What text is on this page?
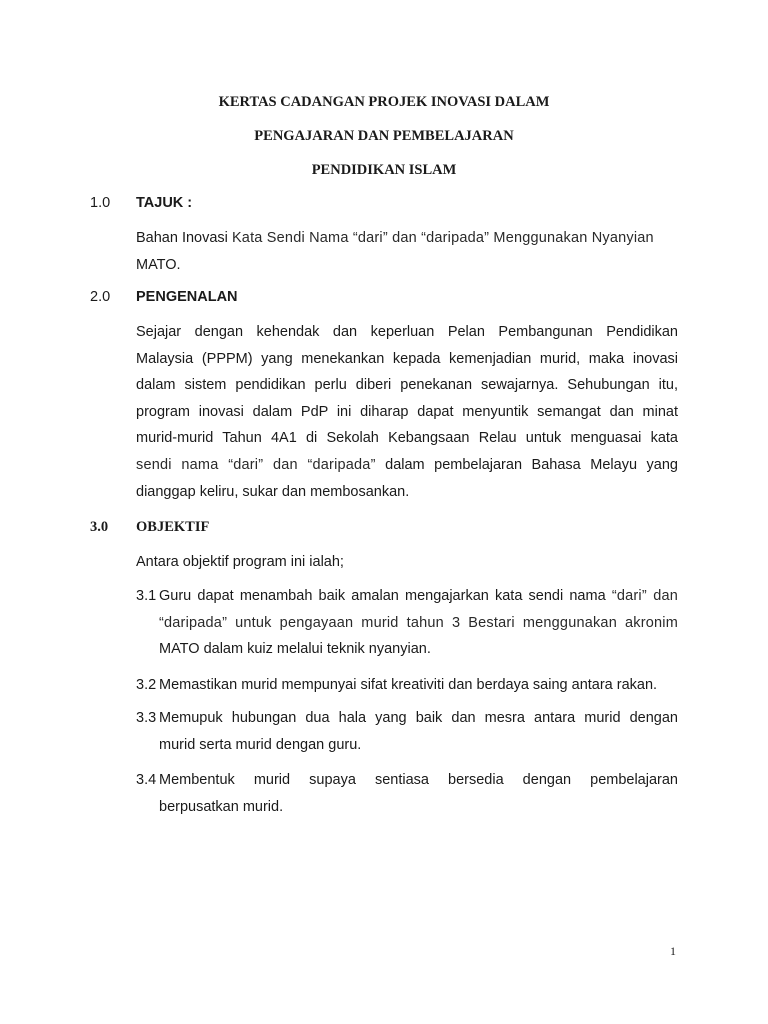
KERTAS CADANGAN PROJEK INOVASI DALAM
PENGAJARAN DAN PEMBELAJARAN
PENDIDIKAN ISLAM
1.0 TAJUK :
Bahan Inovasi Kata Sendi Nama “dari” dan “daripada” Menggunakan Nyanyian
MATO.
2.0 PENGENALAN
Sejajar dengan kehendak dan keperluan Pelan Pembangunan Pendidikan
Malaysia (PPPM) yang menekankan kepada kemenjadian murid, maka inovasi
dalam sistem pendidikan perlu diberi penekanan sewajarnya. Sehubungan itu,
program inovasi dalam PdP ini diharap dapat menyuntik semangat dan minat
murid-murid Tahun 4A1 di Sekolah Kebangsaan Relau untuk menguasai kata
sendi nama “dari” dan “daripada” dalam pembelajaran Bahasa Melayu yang
dianggap keliru, sukar dan membosankan.
3.0 OBJEKTIF
Antara objektif program ini ialah;
3.1 Guru dapat menambah baik amalan mengajarkan kata sendi nama “dari” dan
“daripada” untuk pengayaan murid tahun 3 Bestari menggunakan akronim
MATO dalam kuiz melalui teknik nyanyian.
3.2 Memastikan murid mempunyai sifat kreativiti dan berdaya saing antara rakan.
3.3 Memupuk hubungan dua hala yang baik dan mesra antara murid dengan
murid serta murid dengan guru.
3.4 Membentuk murid supaya sentiasa bersedia dengan pembelajaran
berpusatkan murid.
1
